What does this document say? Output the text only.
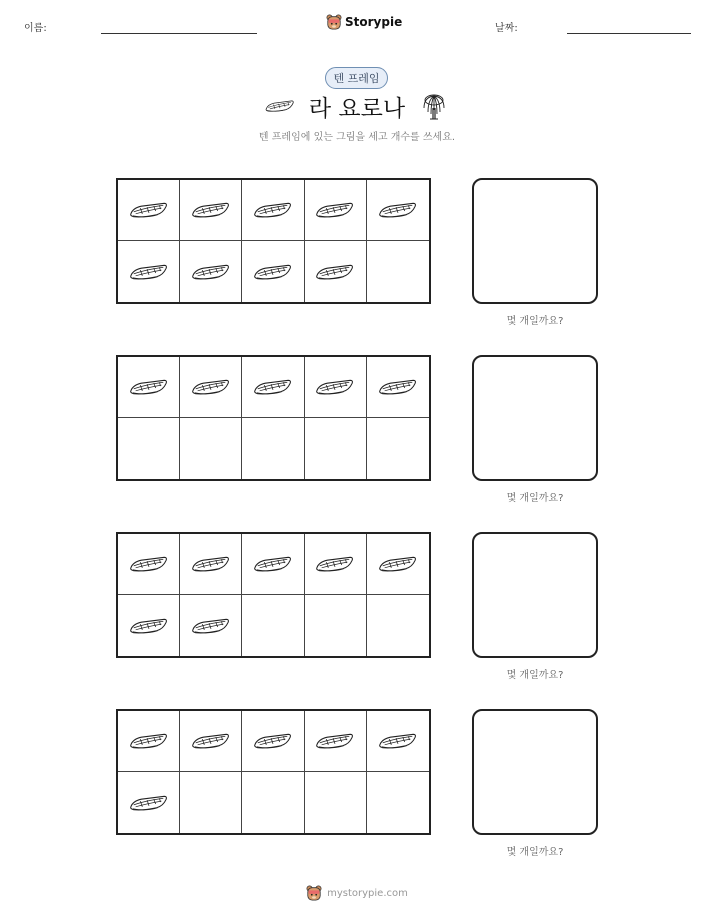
이름:	Storypie	날짜:
텐 프레임
라 요로나
텐 프레임에 있는 그림을 세고 개수를 쓰세요.
몇 개일까요?
몇 개일까요?
몇 개일까요?
몇 개일까요?
mystorypie.com
